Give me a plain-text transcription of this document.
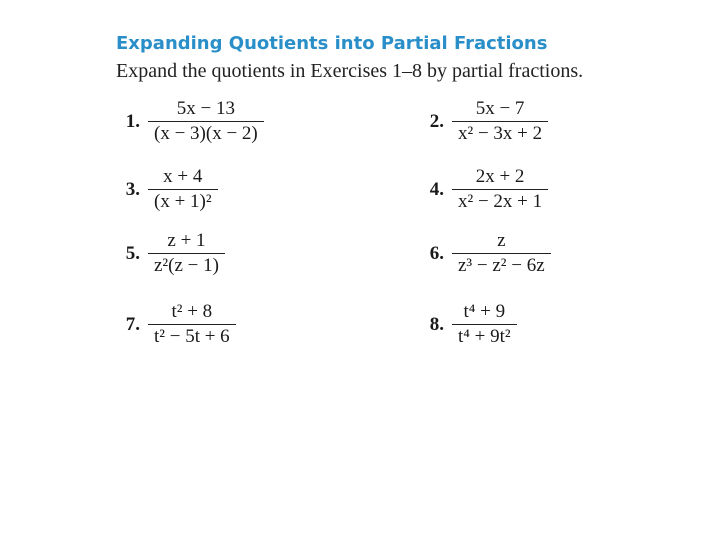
Expanding Quotients into Partial Fractions
Expand the quotients in Exercises 1–8 by partial fractions.
1. $\frac{5x - 13}{(x - 3)(x - 2)}$	2. $\frac{5x - 7}{\text{x² − 3x + 2}}$
3. $\frac{x + 4}{\text{(x + 1)²}}$	4. $\frac{2x + 2}{\text{x² − 2x + 1}}$
5. $\frac{z + 1}{\text{z²(z − 1)}}$	6. $\frac{z}{\text{z³ − z² − 6z}}$
7. $\frac{\text{t² + 8}}{\text{t² − 5t + 6}}$	8. $\frac{\text{t⁴ + 9}}{\text{t⁴ + 9t²}}$
